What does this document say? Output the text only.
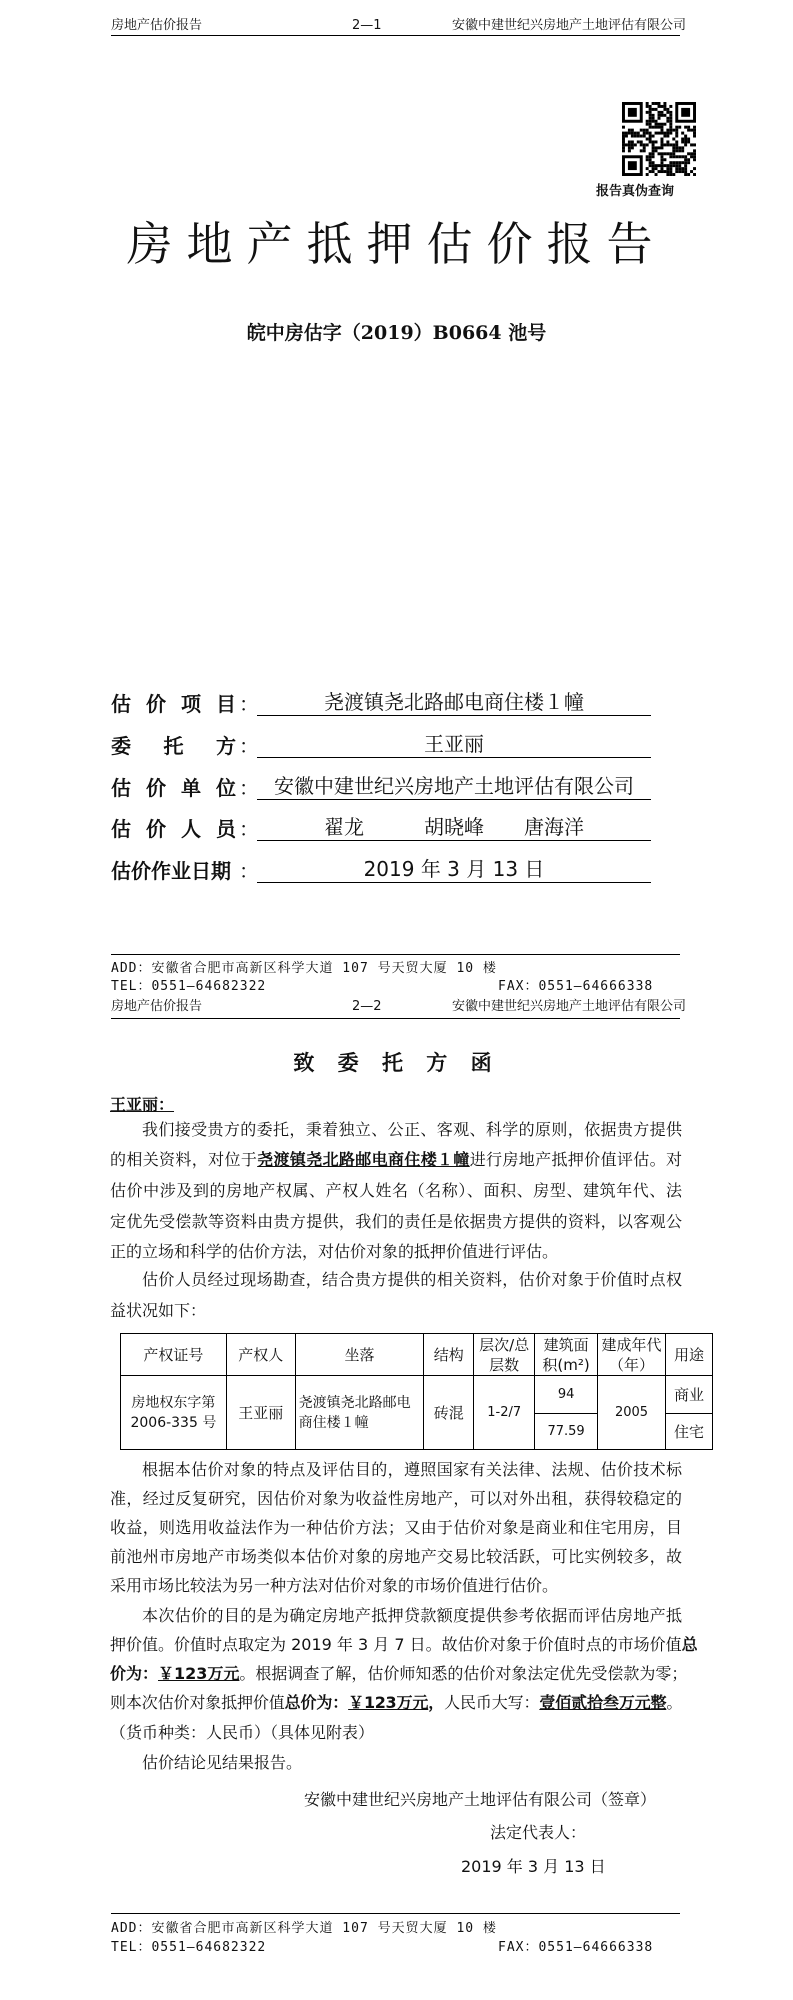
房地产估价报告	2—1	安徽中建世纪兴房地产土地评估有限公司
报告真伪查询
房地产抵押估价报告
皖中房估字（2019）B0664 池号
估 价 项 目 ：	尧渡镇尧北路邮电商住楼１幢
委 托 方 ：	王亚丽
估 价 单 位 ： 安徽中建世纪兴房地产土地评估有限公司
估 价 人 员 ：	翟龙　　　胡晓峰　　唐海洋
估价作业日期 ：	2019 年 3 月 13 日
ADD：安徽省合肥市高新区科学大道 107 号天贸大厦 10 楼
TEL：0551—64682322	FAX：0551—64666338
房地产估价报告	2—2	安徽中建世纪兴房地产土地评估有限公司
致 委 托 方 函
王亚丽：
我们接受贵方的委托，秉着独立、公正、客观、科学的原则，依据贵方提供
的相关资料，对位于尧渡镇尧北路邮电商住楼１幢进行房地产抵押价值评估。对
估价中涉及到的房地产权属、产权人姓名（名称）、面积、房型、建筑年代、法
定优先受偿款等资料由贵方提供，我们的责任是依据贵方提供的资料，以客观公
正的立场和科学的估价方法，对估价对象的抵押价值进行评估。
估价人员经过现场勘查，结合贵方提供的相关资料，估价对象于价值时点权
益状况如下：
产权证号	产权人	坐落	结构	层次/总层数	建筑面积(m²)	建成年代（年）	用途
房地权东字第2006-335 号	王亚丽	尧渡镇尧北路邮电商住楼１幢	砖混	1-2/7	94	2005	商业
					77.59		住宅
根据本估价对象的特点及评估目的，遵照国家有关法律、法规、估价技术标
准，经过反复研究，因估价对象为收益性房地产，可以对外出租，获得较稳定的
收益，则选用收益法作为一种估价方法；又由于估价对象是商业和住宅用房，目
前池州市房地产市场类似本估价对象的房地产交易比较活跃，可比实例较多，故
采用市场比较法为另一种方法对估价对象的市场价值进行估价。
本次估价的目的是为确定房地产抵押贷款额度提供参考依据而评估房地产抵
押价值。价值时点取定为 2019 年 3 月 7 日。故估价对象于价值时点的市场价值总
价为：￥123万元。根据调查了解，估价师知悉的估价对象法定优先受偿款为零；
则本次估价对象抵押价值总价为：￥123万元，人民币大写：壹佰贰拾叁万元整。
（货币种类：人民币）（具体见附表）
估价结论见结果报告。
安徽中建世纪兴房地产土地评估有限公司（签章）
法定代表人：
2019 年 3 月 13 日
ADD：安徽省合肥市高新区科学大道 107 号天贸大厦 10 楼
TEL：0551—64682322	FAX：0551—64666338
